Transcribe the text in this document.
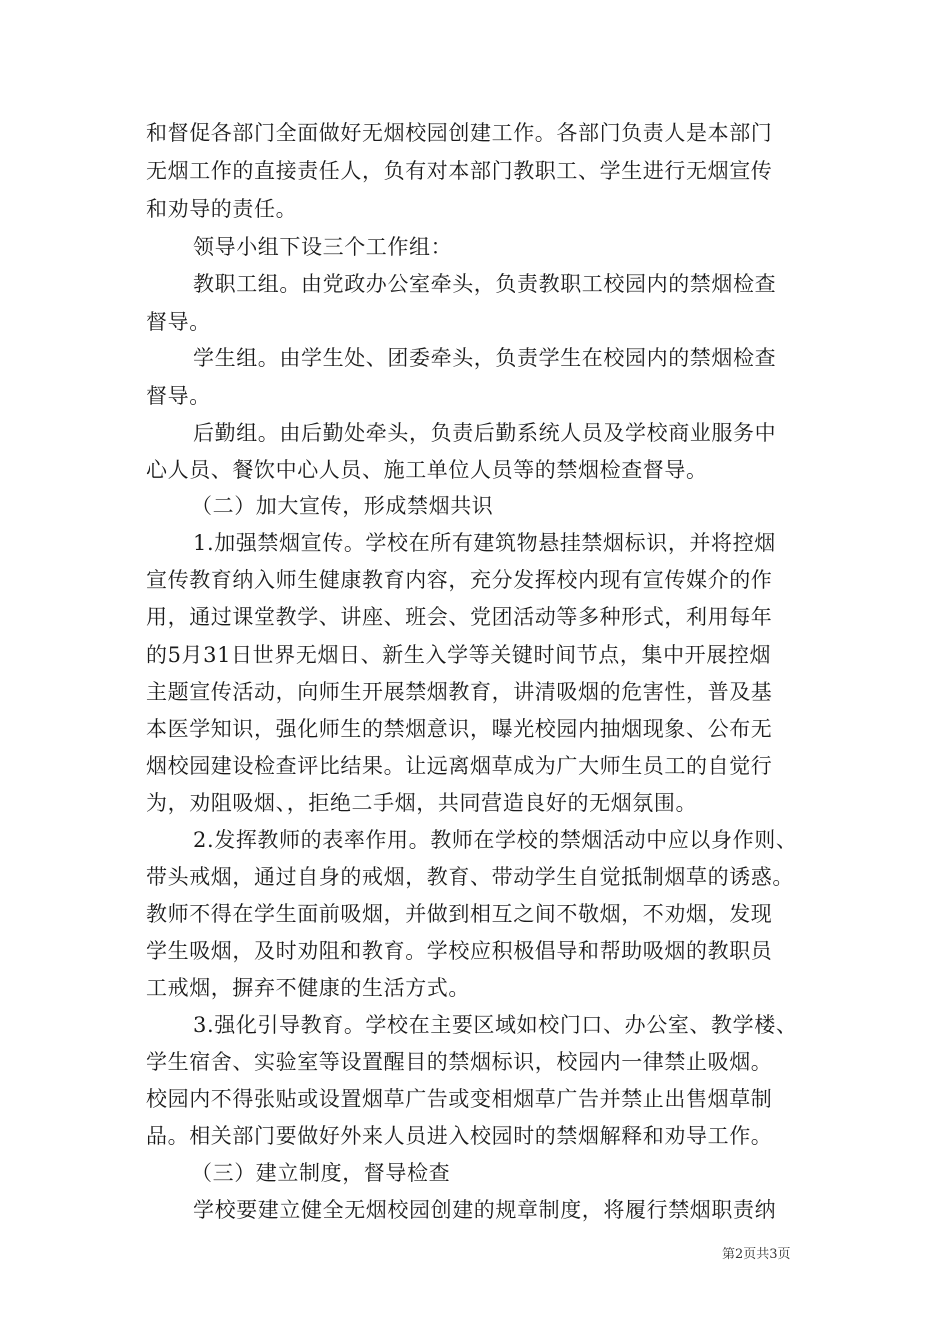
和督促各部门全面做好无烟校园创建工作。各部门负责人是本部门
无烟工作的直接责任人，负有对本部门教职工、学生进行无烟宣传
和劝导的责任。
领导小组下设三个工作组：
教职工组。由党政办公室牵头，负责教职工校园内的禁烟检查
督导。
学生组。由学生处、团委牵头，负责学生在校园内的禁烟检查
督导。
后勤组。由后勤处牵头，负责后勤系统人员及学校商业服务中
心人员、餐饮中心人员、施工单位人员等的禁烟检查督导。
（二）加大宣传，形成禁烟共识
1.加强禁烟宣传。学校在所有建筑物悬挂禁烟标识，并将控烟
宣传教育纳入师生健康教育内容，充分发挥校内现有宣传媒介的作
用，通过课堂教学、讲座、班会、党团活动等多种形式，利用每年
的5月31日世界无烟日、新生入学等关键时间节点，集中开展控烟
主题宣传活动，向师生开展禁烟教育，讲清吸烟的危害性，普及基
本医学知识，强化师生的禁烟意识，曝光校园内抽烟现象、公布无
烟校园建设检查评比结果。让远离烟草成为广大师生员工的自觉行
为，劝阻吸烟、，拒绝二手烟，共同营造良好的无烟氛围。
2.发挥教师的表率作用。教师在学校的禁烟活动中应以身作则、
带头戒烟，通过自身的戒烟，教育、带动学生自觉抵制烟草的诱惑。
教师不得在学生面前吸烟，并做到相互之间不敬烟，不劝烟，发现
学生吸烟，及时劝阻和教育。学校应积极倡导和帮助吸烟的教职员
工戒烟，摒弃不健康的生活方式。
3.强化引导教育。学校在主要区域如校门口、办公室、教学楼、
学生宿舍、实验室等设置醒目的禁烟标识，校园内一律禁止吸烟。
校园内不得张贴或设置烟草广告或变相烟草广告并禁止出售烟草制
品。相关部门要做好外来人员进入校园时的禁烟解释和劝导工作。
（三）建立制度，督导检查
学校要建立健全无烟校园创建的规章制度，将履行禁烟职责纳
第2页共3页
